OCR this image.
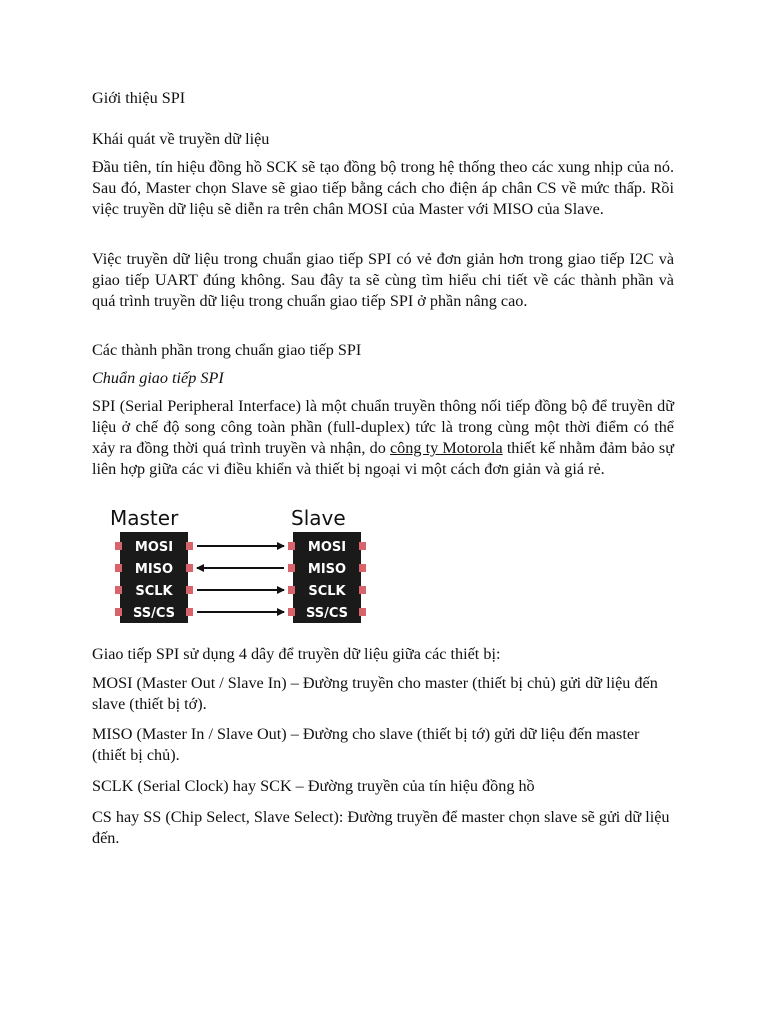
Giới thiệu SPI

Khái quát về truyền dữ liệu

Đầu tiên, tín hiệu đồng hồ SCK sẽ tạo đồng bộ trong hệ thống theo các xung nhịp của nó. Sau đó, Master chọn Slave sẽ giao tiếp bằng cách cho điện áp chân CS về mức thấp. Rồi việc truyền dữ liệu sẽ diễn ra trên chân MOSI của Master với MISO của Slave.

Việc truyền dữ liệu trong chuẩn giao tiếp SPI có vẻ đơn giản hơn trong giao tiếp I2C và giao tiếp UART đúng không. Sau đây ta sẽ cùng tìm hiểu chi tiết về các thành phần và quá trình truyền dữ liệu trong chuẩn giao tiếp SPI ở phần nâng cao.

Các thành phần trong chuẩn giao tiếp SPI

Chuẩn giao tiếp SPI

SPI (Serial Peripheral Interface) là một chuẩn truyền thông nối tiếp đồng bộ để truyền dữ liệu ở chế độ song công toàn phần (full-duplex) tức là trong cùng một thời điểm có thể xảy ra đồng thời quá trình truyền và nhận, do công ty Motorola thiết kế nhằm đảm bảo sự liên hợp giữa các vi điều khiển và thiết bị ngoại vi một cách đơn giản và giá rẻ.

Master	Slave
MOSI
MISO
SCLK
SS/CS
MOSI
MISO
SCLK
SS/CS

Giao tiếp SPI sử dụng 4 dây để truyền dữ liệu giữa các thiết bị:

MOSI (Master Out / Slave In) – Đường truyền cho master (thiết bị chủ) gửi dữ liệu đến slave (thiết bị tớ).

MISO (Master In / Slave Out) – Đường cho slave (thiết bị tớ) gửi dữ liệu đến master (thiết bị chủ).

SCLK (Serial Clock) hay SCK – Đường truyền của tín hiệu đồng hồ

CS hay SS (Chip Select, Slave Select): Đường truyền để master chọn slave sẽ gửi dữ liệu đến.
